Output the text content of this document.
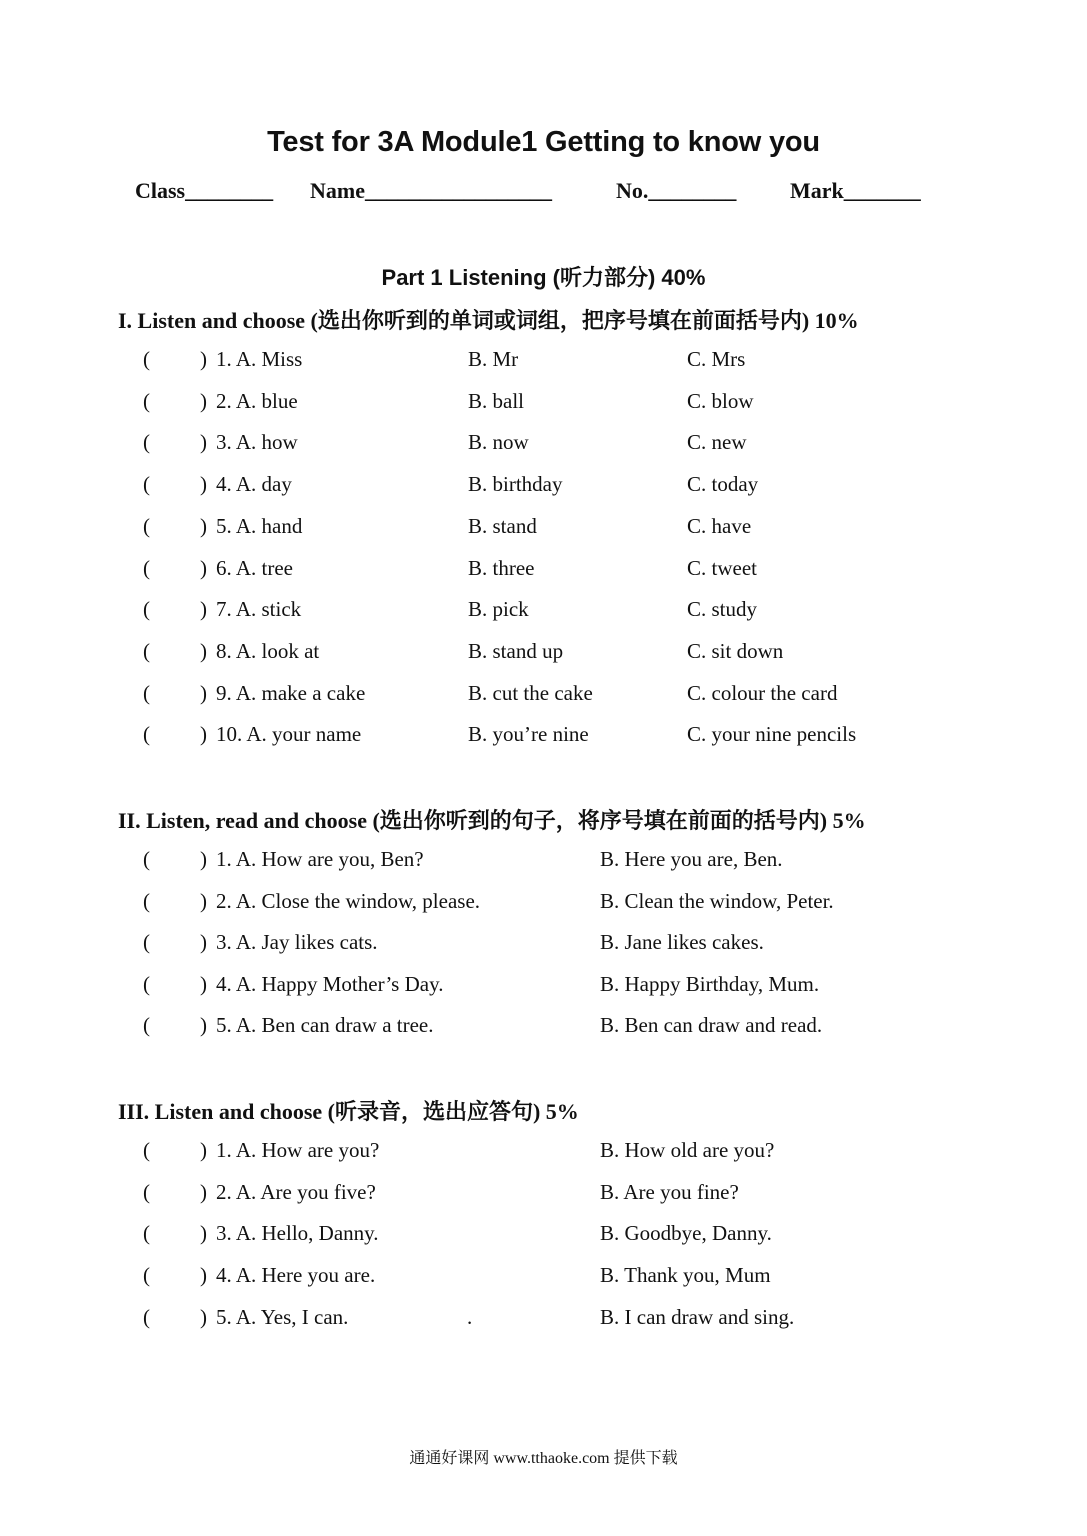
Test for 3A Module1 Getting to know you
Class________ Name_________________	No.________ Mark_______
Part 1 Listening (听力部分) 40%
I. Listen and choose (选出你听到的单词或词组，把序号填在前面括号内) 10%
( ) 1. A. Miss	B. Mr	C. Mrs
( ) 2. A. blue	B. ball	C. blow
( ) 3. A. how	B. now	C. new
( ) 4. A. day	B. birthday	C. today
( ) 5. A. hand	B. stand	C. have
( ) 6. A. tree	B. three	C. tweet
( ) 7. A. stick	B. pick	C. study
( ) 8. A. look at	B. stand up	C. sit down
( ) 9. A. make a cake	B. cut the cake	C. colour the card
( ) 10. A. your name	B. you’re nine	C. your nine pencils
II. Listen, read and choose (选出你听到的句子，将序号填在前面的括号内) 5%
( ) 1. A. How are you, Ben?	B. Here you are, Ben.
( ) 2. A. Close the window, please.	B. Clean the window, Peter.
( ) 3. A. Jay likes cats.	B. Jane likes cakes.
( ) 4. A. Happy Mother’s Day.	B. Happy Birthday, Mum.
( ) 5. A. Ben can draw a tree.	B. Ben can draw and read.
III. Listen and choose (听录音，选出应答句) 5%
( ) 1. A. How are you?	B. How old are you?
( ) 2. A. Are you five?	B. Are you fine?
( ) 3. A. Hello, Danny.	B. Goodbye, Danny.
( ) 4. A. Here you are.	B. Thank you, Mum
( ) 5. A. Yes, I can.	.	B. I can draw and sing.
通通好课网 www.tthaoke.com 提供下载
